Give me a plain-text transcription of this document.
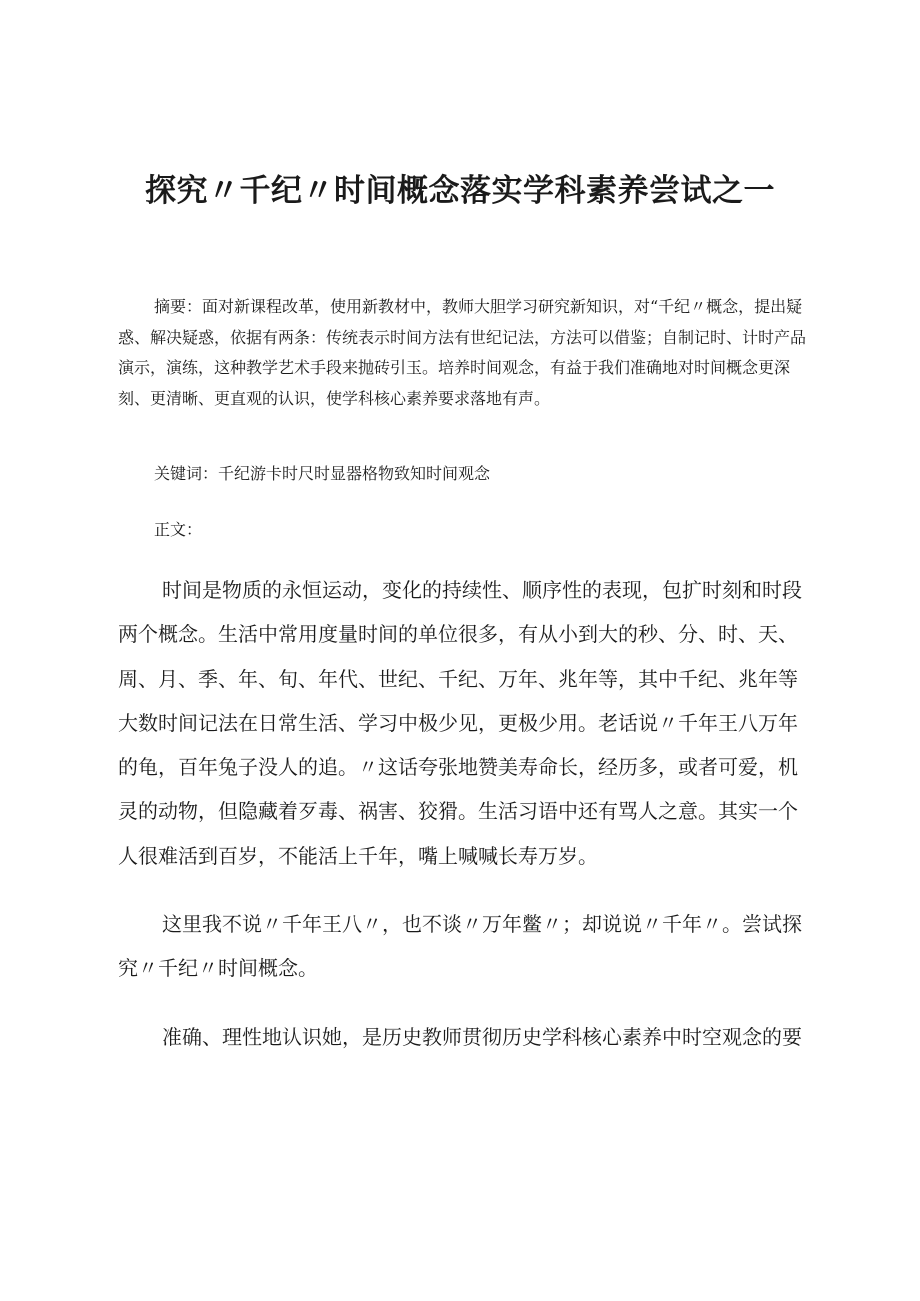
探究〃千纪〃时间概念落实学科素养尝试之一

摘要：面对新课程改革，使用新教材中，教师大胆学习研究新知识，对“千纪〃概念，提出疑惑、解决疑惑，依据有两条：传统表示时间方法有世纪记法，方法可以借鉴；自制记时、计时产品演示，演练，这种教学艺术手段来抛砖引玉。培养时间观念，有益于我们准确地对时间概念更深刻、更清晰、更直观的认识，使学科核心素养要求落地有声。

关键词：千纪游卡时尺时显器格物致知时间观念

正文：

时间是物质的永恒运动，变化的持续性、顺序性的表现，包扩时刻和时段两个概念。生活中常用度量时间的单位很多，有从小到大的秒、分、时、天、周、月、季、年、旬、年代、世纪、千纪、万年、兆年等，其中千纪、兆年等大数时间记法在日常生活、学习中极少见，更极少用。老话说〃千年王八万年的龟，百年兔子没人的追。〃这话夸张地赞美寿命长，经历多，或者可爱，机灵的动物，但隐藏着歹毒、祸害、狡猾。生活习语中还有骂人之意。其实一个人很难活到百岁，不能活上千年，嘴上喊喊长寿万岁。

这里我不说〃千年王八〃，也不谈〃万年鳖〃；却说说〃千年〃。尝试探究〃千纪〃时间概念。

准确、理性地认识她，是历史教师贯彻历史学科核心素养中时空观念的要
